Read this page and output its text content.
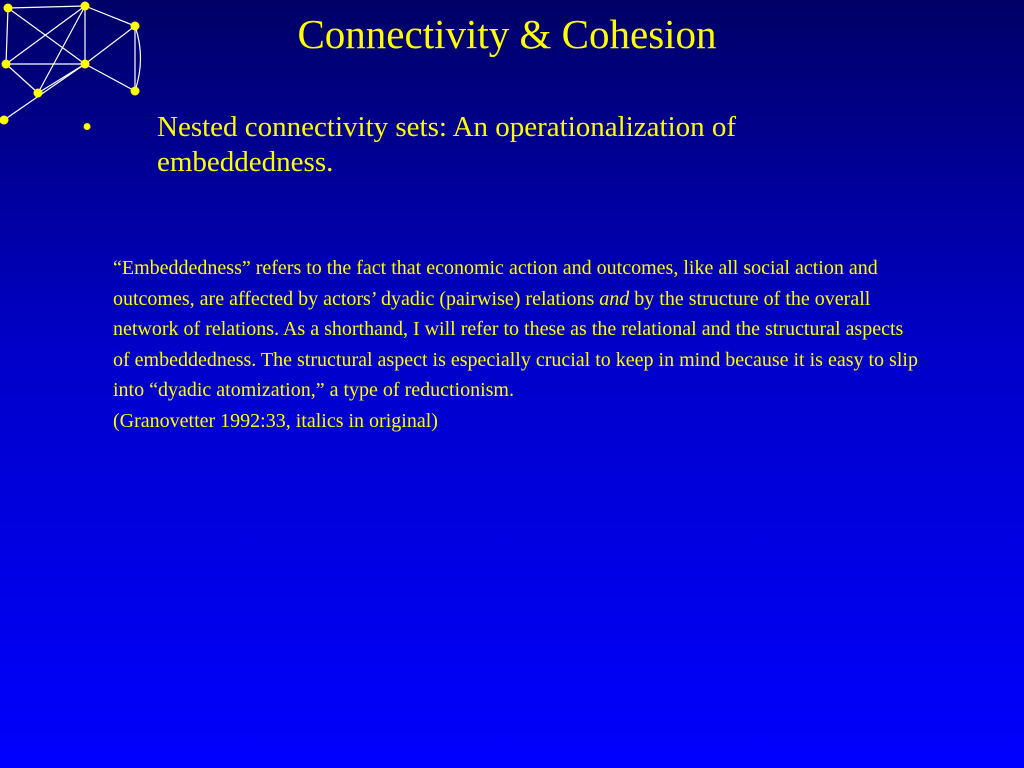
Connectivity & Cohesion
•	Nested connectivity sets: An operationalization of embeddedness.

“Embeddedness” refers to the fact that economic action and outcomes, like all social action and outcomes, are affected by actors’ dyadic (pairwise) relations and by the structure of the overall network of relations. As a shorthand, I will refer to these as the relational and the structural aspects of embeddedness. The structural aspect is especially crucial to keep in mind because it is easy to slip into “dyadic atomization,” a type of reductionism.

(Granovetter 1992:33, italics in original)
